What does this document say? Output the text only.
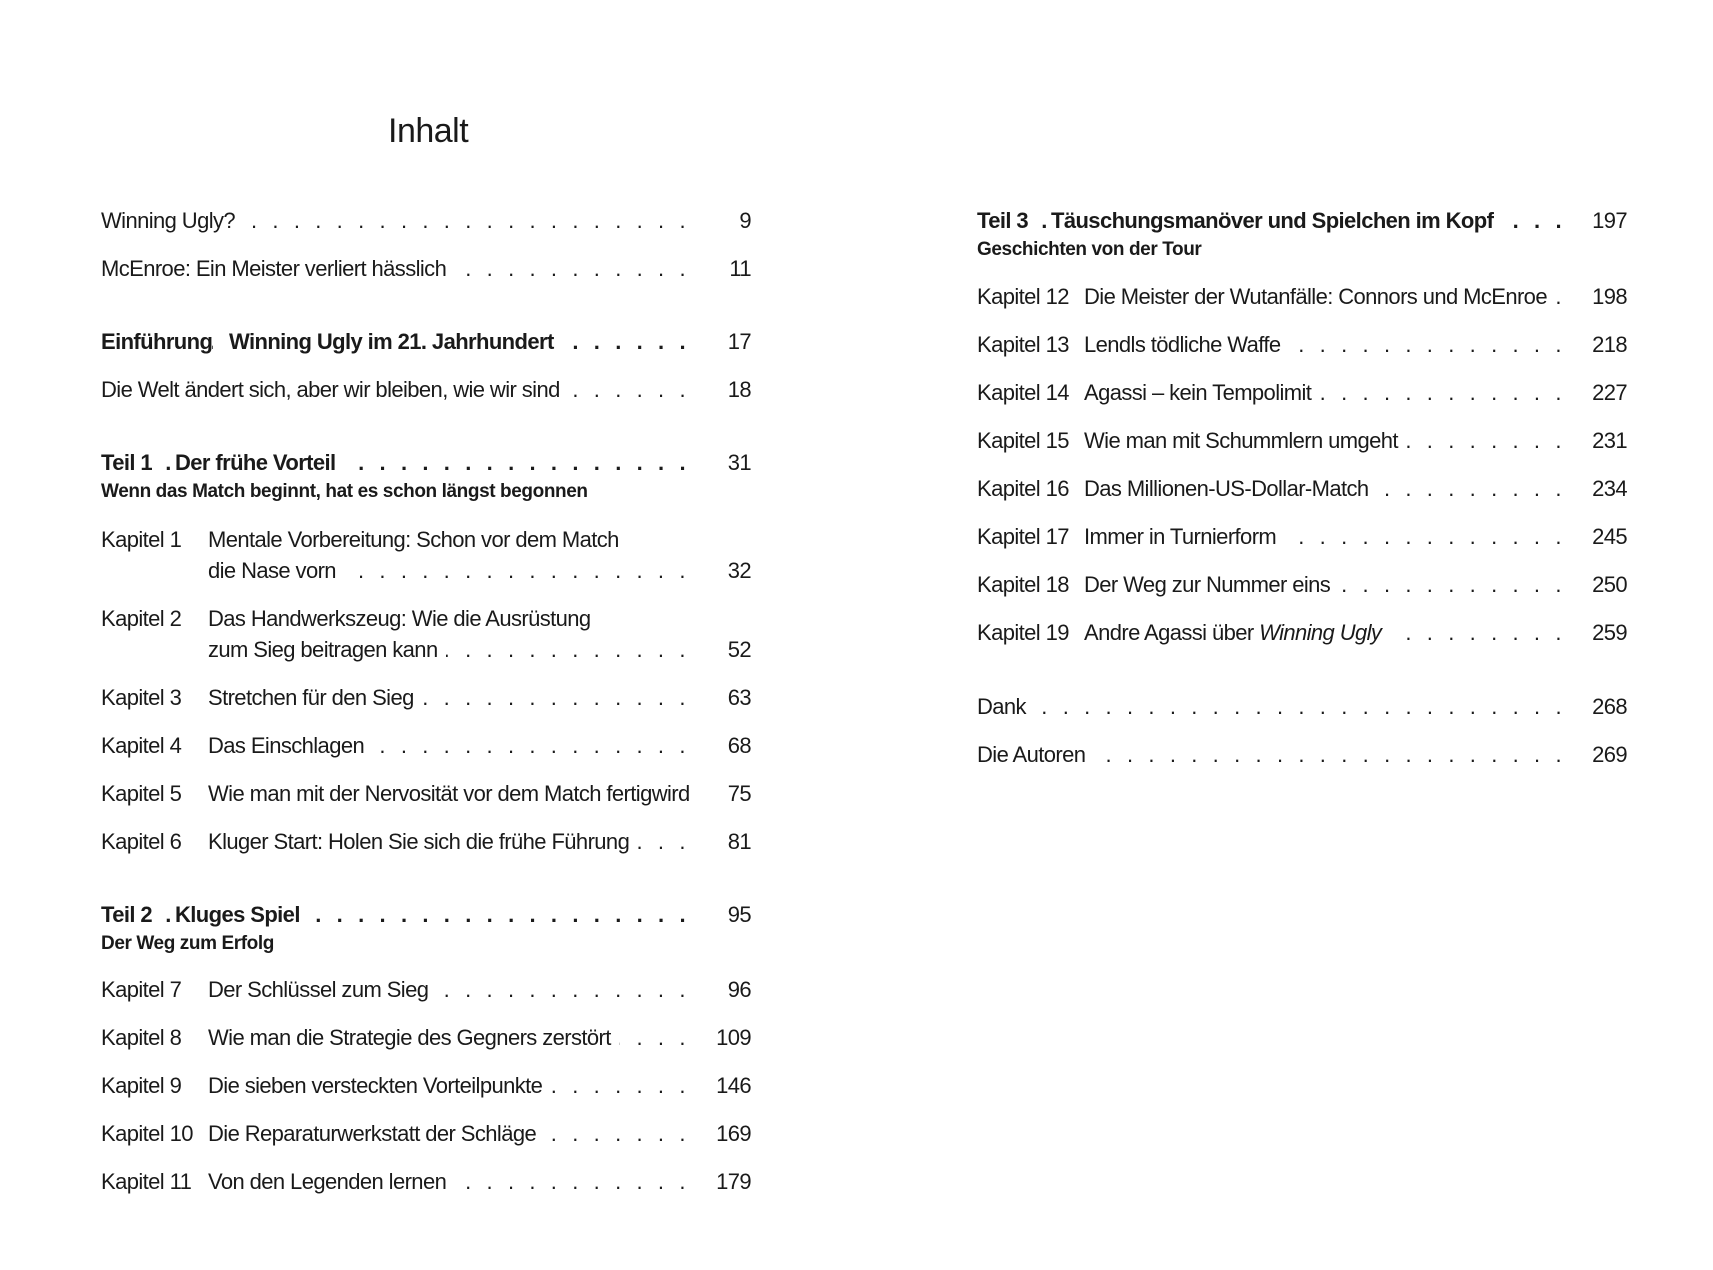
Inhalt
. . .
Winning Ugly?	9
. . .
McEnroe: Ein Meister verliert hässlich	11
. . .
Einführung Winning Ugly im 21. Jahrhundert	17
. . .
Die Welt ändert sich, aber wir bleiben, wie wir sind	18
. . .
Teil 1 Der frühe Vorteil	31
Wenn das Match beginnt, hat es schon längst begonnen
Kapitel 1 Mentale Vorbereitung: Schon vor dem Match
. . .
die Nase vorn	32
Kapitel 2 Das Handwerkszeug: Wie die Ausrüstung
. . .
zum Sieg beitragen kann	52
Kapitel 3 . . . Stretchen für den Sieg	63
Kapitel 4 . . . Das Einschlagen	68
Kapitel 5 Wie man mit der Nervosität vor dem Match fertigwird	75
Kapitel 6 . . . Kluger Start: Holen Sie sich die frühe Führung	81
. . .
Teil 2 Kluges Spiel	95
Der Weg zum Erfolg
Kapitel 7 . . . Der Schlüssel zum Sieg	96
Kapitel 8 . . . Wie man die Strategie des Gegners zerstört	109
Kapitel 9 . . . Die sieben versteckten Vorteilpunkte	146
Kapitel 10 . . . Die Reparaturwerkstatt der Schläge	169
Kapitel 11 . . . Von den Legenden lernen	179
. . .
Teil 3 Täuschungsmanöver und Spielchen im Kopf	197
Geschichten von der Tour
Kapitel 12 . . . Die Meister der Wutanfälle: Connors und McEnroe	198
Kapitel 13 . . . Lendls tödliche Waffe	218
Kapitel 14 . . . Agassi – kein Tempolimit	227
Kapitel 15 . . . Wie man mit Schummlern umgeht	231
Kapitel 16 . . . Das Millionen-US-Dollar-Match	234
Kapitel 17 . . . Immer in Turnierform	245
Kapitel 18 . . . Der Weg zur Nummer eins	250
Kapitel 19 . . . Andre Agassi über Winning Ugly	259
. . .
Dank	268
. . .
Die Autoren	269
